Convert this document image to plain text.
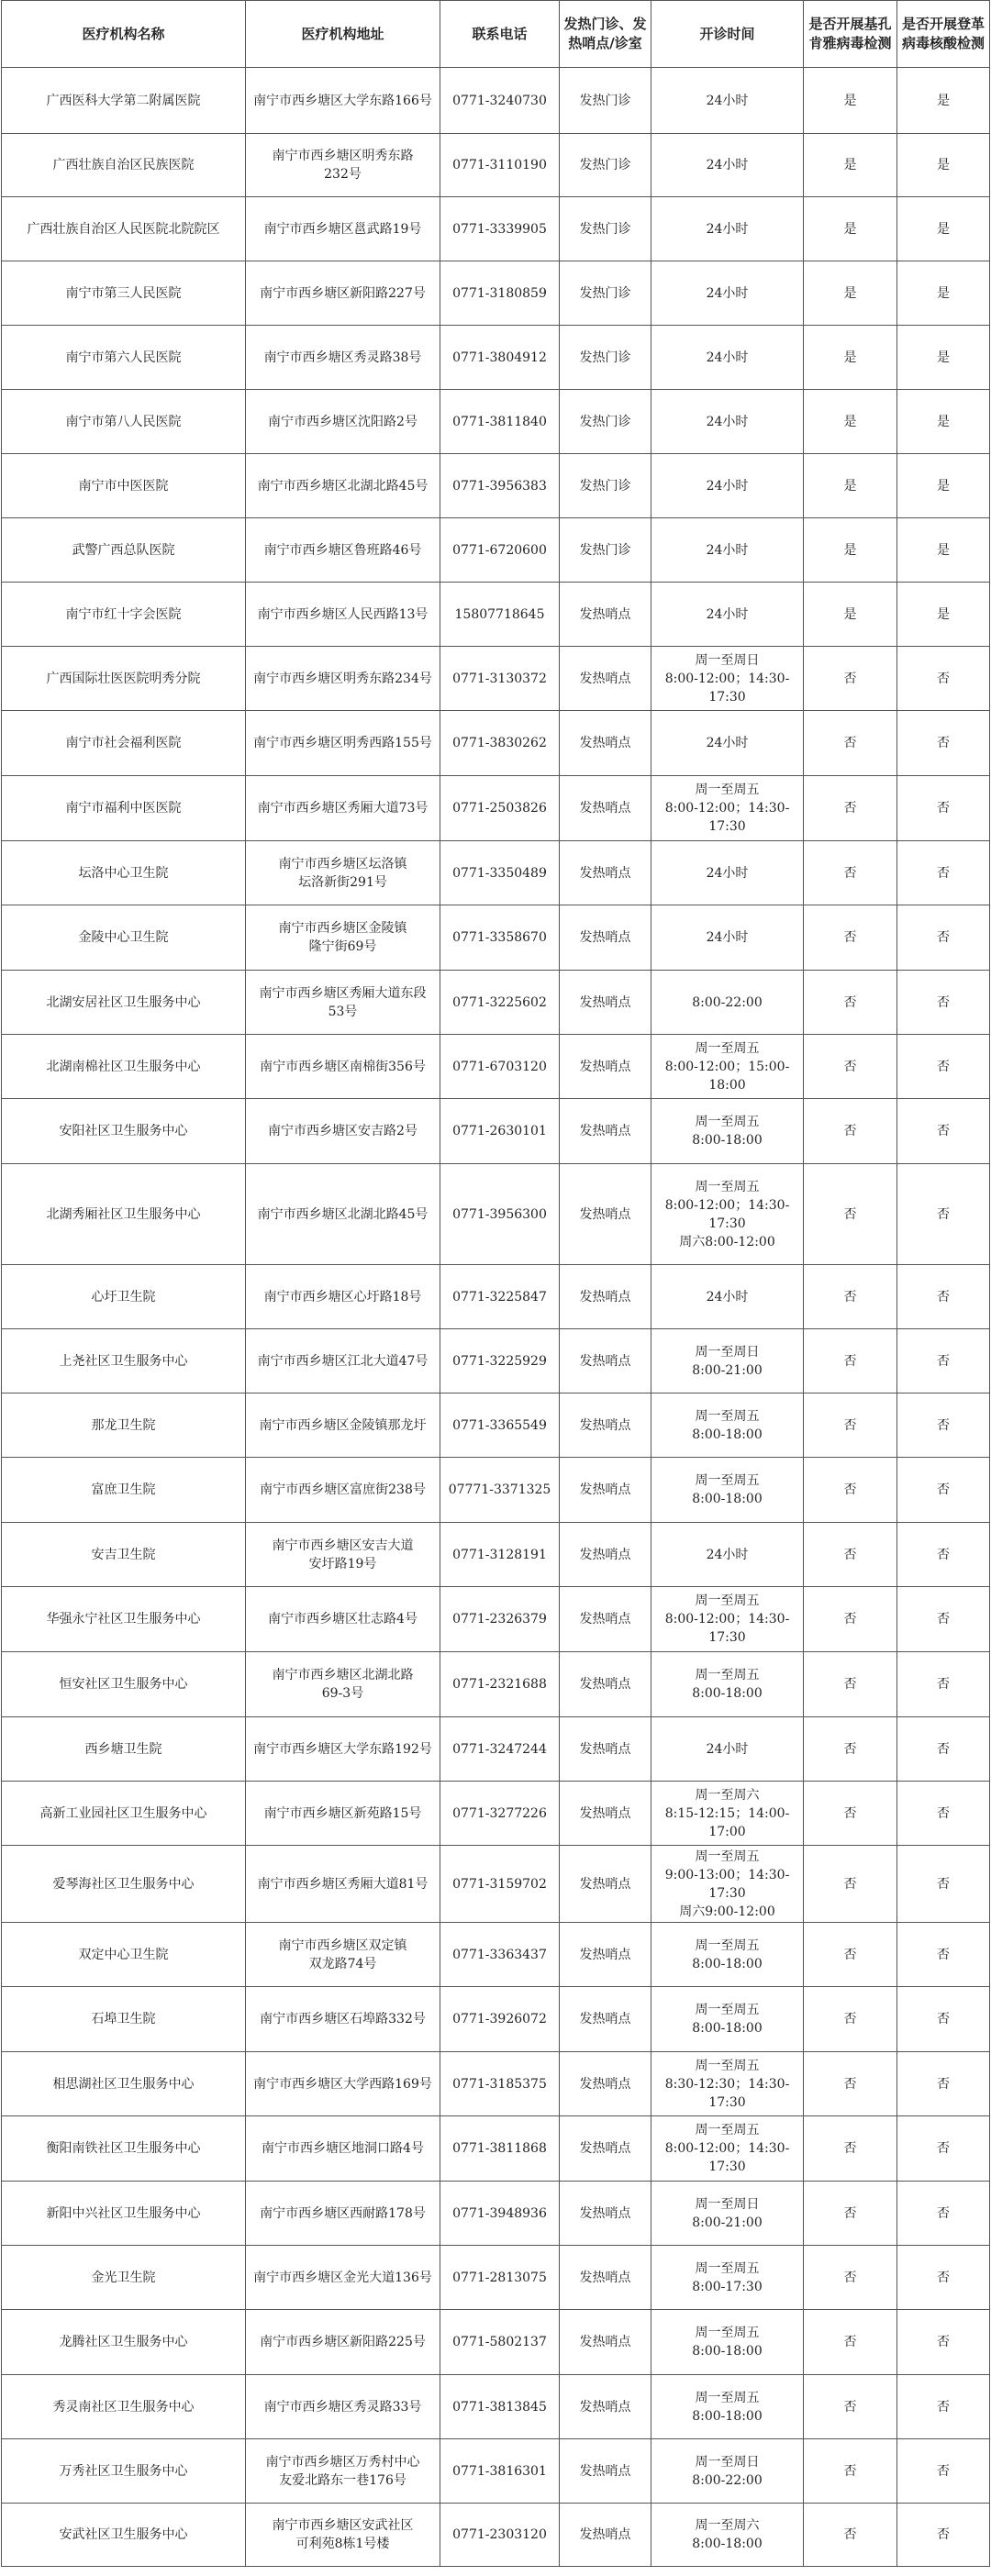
医疗机构名称	医疗机构地址	联系电话	发热门诊、发热哨点/诊室	开诊时间	是否开展基孔肯雅病毒检测	是否开展登革病毒核酸检测
广西医科大学第二附属医院	南宁市西乡塘区大学东路166号	0771-3240730	发热门诊	24小时	是	是
广西壮族自治区民族医院	南宁市西乡塘区明秀东路
232号	0771-3110190	发热门诊	24小时	是	是
广西壮族自治区人民医院北院院区	南宁市西乡塘区邕武路19号	0771-3339905	发热门诊	24小时	是	是
南宁市第三人民医院	南宁市西乡塘区新阳路227号	0771-3180859	发热门诊	24小时	是	是
南宁市第六人民医院	南宁市西乡塘区秀灵路38号	0771-3804912	发热门诊	24小时	是	是
南宁市第八人民医院	南宁市西乡塘区沈阳路2号	0771-3811840	发热门诊	24小时	是	是
南宁市中医医院	南宁市西乡塘区北湖北路45号	0771-3956383	发热门诊	24小时	是	是
武警广西总队医院	南宁市西乡塘区鲁班路46号	0771-6720600	发热门诊	24小时	是	是
南宁市红十字会医院	南宁市西乡塘区人民西路13号	15807718645	发热哨点	24小时	是	是
广西国际壮医医院明秀分院	南宁市西乡塘区明秀东路234号	0771-3130372	发热哨点	周一至周日
8:00-12:00；14:30-
17:30	否	否
南宁市社会福利医院	南宁市西乡塘区明秀西路155号	0771-3830262	发热哨点	24小时	否	否
南宁市福利中医医院	南宁市西乡塘区秀厢大道73号	0771-2503826	发热哨点	周一至周五
8:00-12:00；14:30-
17:30	否	否
坛洛中心卫生院	南宁市西乡塘区坛洛镇
坛洛新街291号	0771-3350489	发热哨点	24小时	否	否
金陵中心卫生院	南宁市西乡塘区金陵镇
隆宁街69号	0771-3358670	发热哨点	24小时	否	否
北湖安居社区卫生服务中心	南宁市西乡塘区秀厢大道东段
53号	0771-3225602	发热哨点	8:00-22:00	否	否
北湖南棉社区卫生服务中心	南宁市西乡塘区南棉街356号	0771-6703120	发热哨点	周一至周五
8:00-12:00；15:00-
18:00	否	否
安阳社区卫生服务中心	南宁市西乡塘区安吉路2号	0771-2630101	发热哨点	周一至周五
8:00-18:00	否	否
北湖秀厢社区卫生服务中心	南宁市西乡塘区北湖北路45号	0771-3956300	发热哨点	周一至周五
8:00-12:00；14:30-
17:30
周六8:00-12:00	否	否
心圩卫生院	南宁市西乡塘区心圩路18号	0771-3225847	发热哨点	24小时	否	否
上尧社区卫生服务中心	南宁市西乡塘区江北大道47号	0771-3225929	发热哨点	周一至周日
8:00-21:00	否	否
那龙卫生院	南宁市西乡塘区金陵镇那龙圩	0771-3365549	发热哨点	周一至周五
8:00-18:00	否	否
富庶卫生院	南宁市西乡塘区富庶街238号	07771-3371325	发热哨点	周一至周五
8:00-18:00	否	否
安吉卫生院	南宁市西乡塘区安吉大道
安圩路19号	0771-3128191	发热哨点	24小时	否	否
华强永宁社区卫生服务中心	南宁市西乡塘区壮志路4号	0771-2326379	发热哨点	周一至周五
8:00-12:00；14:30-
17:30	否	否
恒安社区卫生服务中心	南宁市西乡塘区北湖北路
69-3号	0771-2321688	发热哨点	周一至周五
8:00-18:00	否	否
西乡塘卫生院	南宁市西乡塘区大学东路192号	0771-3247244	发热哨点	24小时	否	否
高新工业园社区卫生服务中心	南宁市西乡塘区新苑路15号	0771-3277226	发热哨点	周一至周六
8:15-12:15；14:00-
17:00	否	否
爱琴海社区卫生服务中心	南宁市西乡塘区秀厢大道81号	0771-3159702	发热哨点	周一至周五
9:00-13:00；14:30-
17:30
周六9:00-12:00	否	否
双定中心卫生院	南宁市西乡塘区双定镇
双龙路74号	0771-3363437	发热哨点	周一至周五
8:00-18:00	否	否
石埠卫生院	南宁市西乡塘区石埠路332号	0771-3926072	发热哨点	周一至周五
8:00-18:00	否	否
相思湖社区卫生服务中心	南宁市西乡塘区大学西路169号	0771-3185375	发热哨点	周一至周五
8:30-12:30；14:30-
17:30	否	否
衡阳南铁社区卫生服务中心	南宁市西乡塘区地洞口路4号	0771-3811868	发热哨点	周一至周五
8:00-12:00；14:30-
17:30	否	否
新阳中兴社区卫生服务中心	南宁市西乡塘区西耐路178号	0771-3948936	发热哨点	周一至周日
8:00-21:00	否	否
金光卫生院	南宁市西乡塘区金光大道136号	0771-2813075	发热哨点	周一至周五
8:00-17:30	否	否
龙腾社区卫生服务中心	南宁市西乡塘区新阳路225号	0771-5802137	发热哨点	周一至周五
8:00-18:00	否	否
秀灵南社区卫生服务中心	南宁市西乡塘区秀灵路33号	0771-3813845	发热哨点	周一至周五
8:00-18:00	否	否
万秀社区卫生服务中心	南宁市西乡塘区万秀村中心
友爱北路东一巷176号	0771-3816301	发热哨点	周一至周日
8:00-22:00	否	否
安武社区卫生服务中心	南宁市西乡塘区安武社区
可利苑8栋1号楼	0771-2303120	发热哨点	周一至周六
8:00-18:00	否	否
